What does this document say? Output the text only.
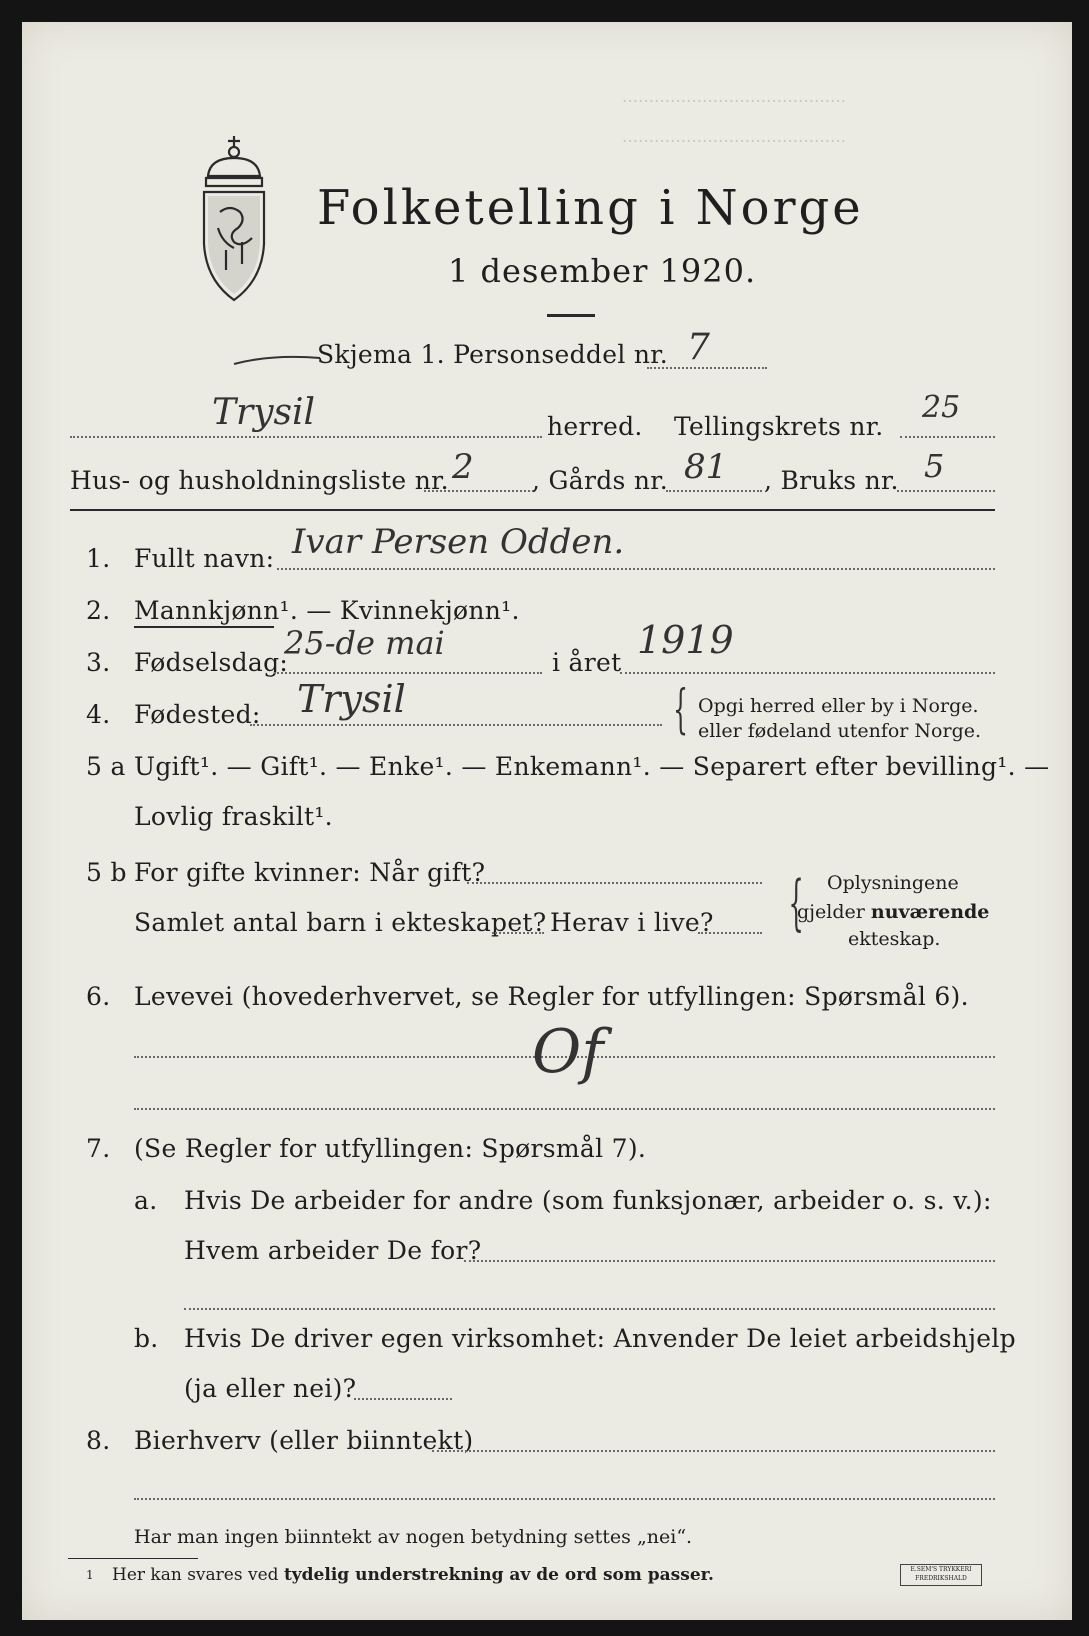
Folketelling i Norge
1 desember 1920.
……………………………………
……………………………………
Skjema 1. Personseddel nr. 7
Trysil	herred. Tellingskrets nr.
25
Hus- og husholdningsliste nr. 2 , Gårds nr. 81 , Bruks nr. 5
1. Fullt navn: Ivar Persen Odden.
2. Mannkjønn¹. — Kvinnekjønn¹.
3. Fødselsdag:
25-de mai
i året
1919
4. Fødested: Trysil	{ Opgi herred eller by i Norge.
eller fødeland utenfor Norge.
5 a Ugift¹. — Gift¹. — Enke¹. — Enkemann¹. — Separert efter bevilling¹. —
Lovlig fraskilt¹.
5 b For gifte kvinner: Når gift?
Samlet antal barn i ekteskapet? Herav i live? { Oplysningene
gjelder nuværende
ekteskap.
6. Levevei (hovederhvervet, se Regler for utfyllingen: Spørsmål 6).
Of
7. (Se Regler for utfyllingen: Spørsmål 7).
a. Hvis De arbeider for andre (som funksjonær, arbeider o. s. v.):
Hvem arbeider De for?
b. Hvis De driver egen virksomhet: Anvender De leiet arbeidshjelp
(ja eller nei)?
8. Bierhverv (eller biinntekt)
Har man ingen biinntekt av nogen betydning settes „nei“.
1 Her kan svares ved tydelig understrekning av de ord som passer.	E.SEM'S TRYKKERI FREDRIKSHALD
